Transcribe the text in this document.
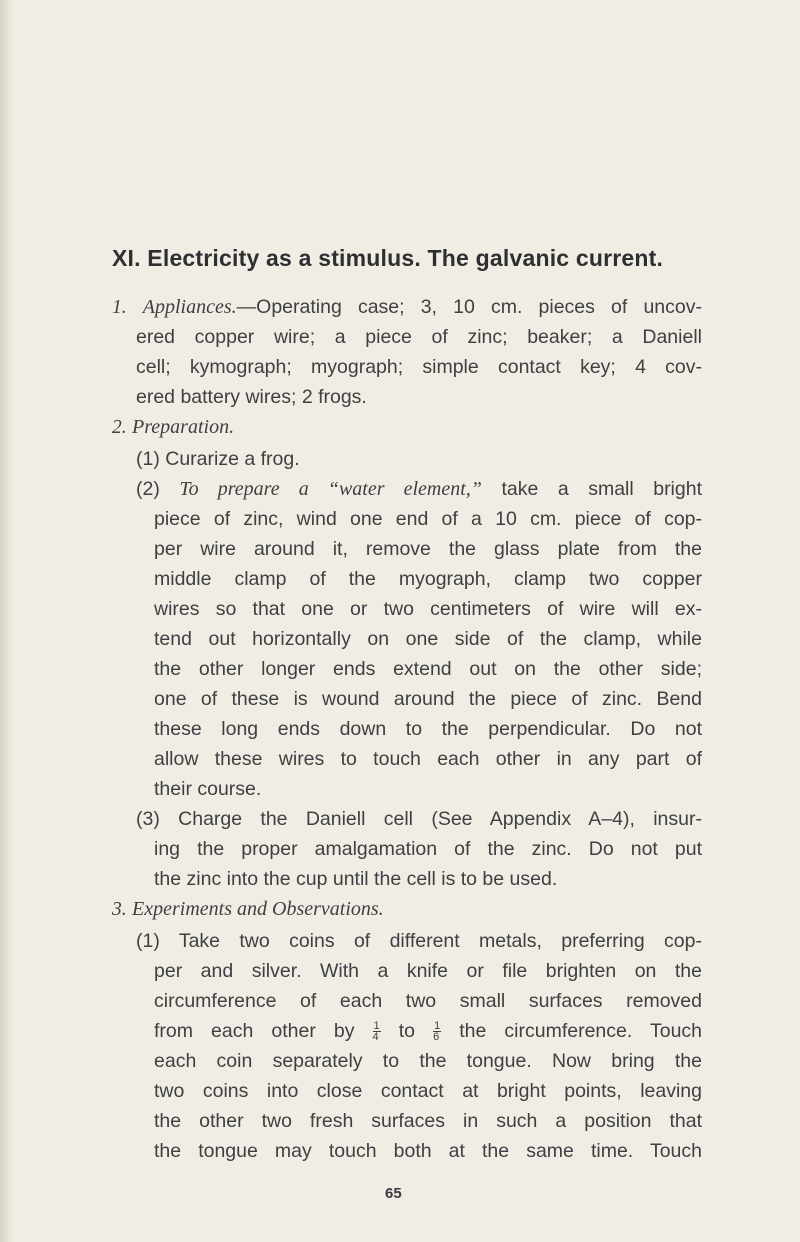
XI. Electricity as a stimulus. The galvanic current.
1. Appliances.—Operating case; 3, 10 cm. pieces of uncov-
ered copper wire; a piece of zinc; beaker; a Daniell
cell; kymograph; myograph; simple contact key; 4 cov-
ered battery wires; 2 frogs.
2. Preparation.
(1) Curarize a frog.
(2) To prepare a “water element,” take a small bright
piece of zinc, wind one end of a 10 cm. piece of cop-
per wire around it, remove the glass plate from the
middle clamp of the myograph, clamp two copper
wires so that one or two centimeters of wire will ex-
tend out horizontally on one side of the clamp, while
the other longer ends extend out on the other side;
one of these is wound around the piece of zinc. Bend
these long ends down to the perpendicular. Do not
allow these wires to touch each other in any part of
their course.
(3) Charge the Daniell cell (See Appendix A–4), insur-
ing the proper amalgamation of the zinc. Do not put
the zinc into the cup until the cell is to be used.
3. Experiments and Observations.
(1) Take two coins of different metals, preferring cop-
per and silver. With a knife or file brighten on the
circumference of each two small surfaces removed
from each other by $\frac{1}{4}$ to $\frac{1}{6}$ the circumference. Touch
each coin separately to the tongue. Now bring the
two coins into close contact at bright points, leaving
the other two fresh surfaces in such a position that
the tongue may touch both at the same time. Touch
65
